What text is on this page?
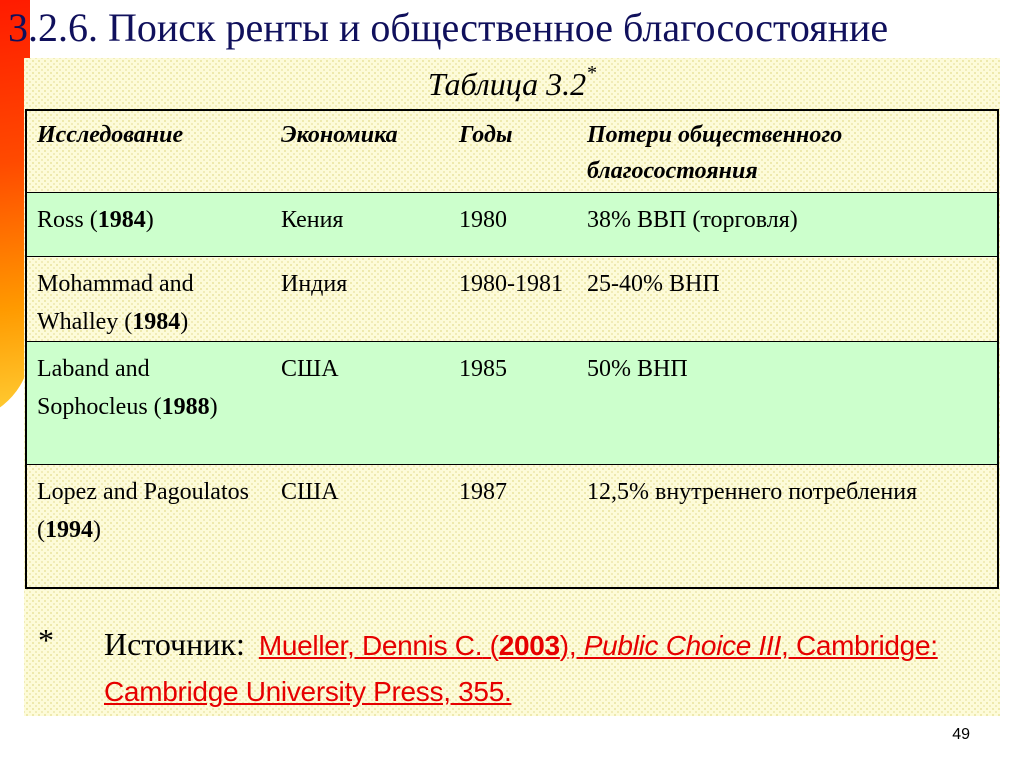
3.2.6. Поиск ренты и общественное благосостояние
Таблица 3.2*
Исследование	Экономика	Годы	Потери общественного благосостояния
Ross (1984)	Кения	1980	38% ВВП (торговля)
Mohammad and Whalley (1984)	Индия	1980-1981	25-40% ВНП
Laband and Sophocleus (1988)	США	1985	50% ВНП
Lopez and Pagoulatos (1994)	США	1987	12,5% внутреннего потребления
* Источник: Mueller, Dennis C. (2003), Public Choice III, Cambridge: Cambridge University Press, 355.
49
